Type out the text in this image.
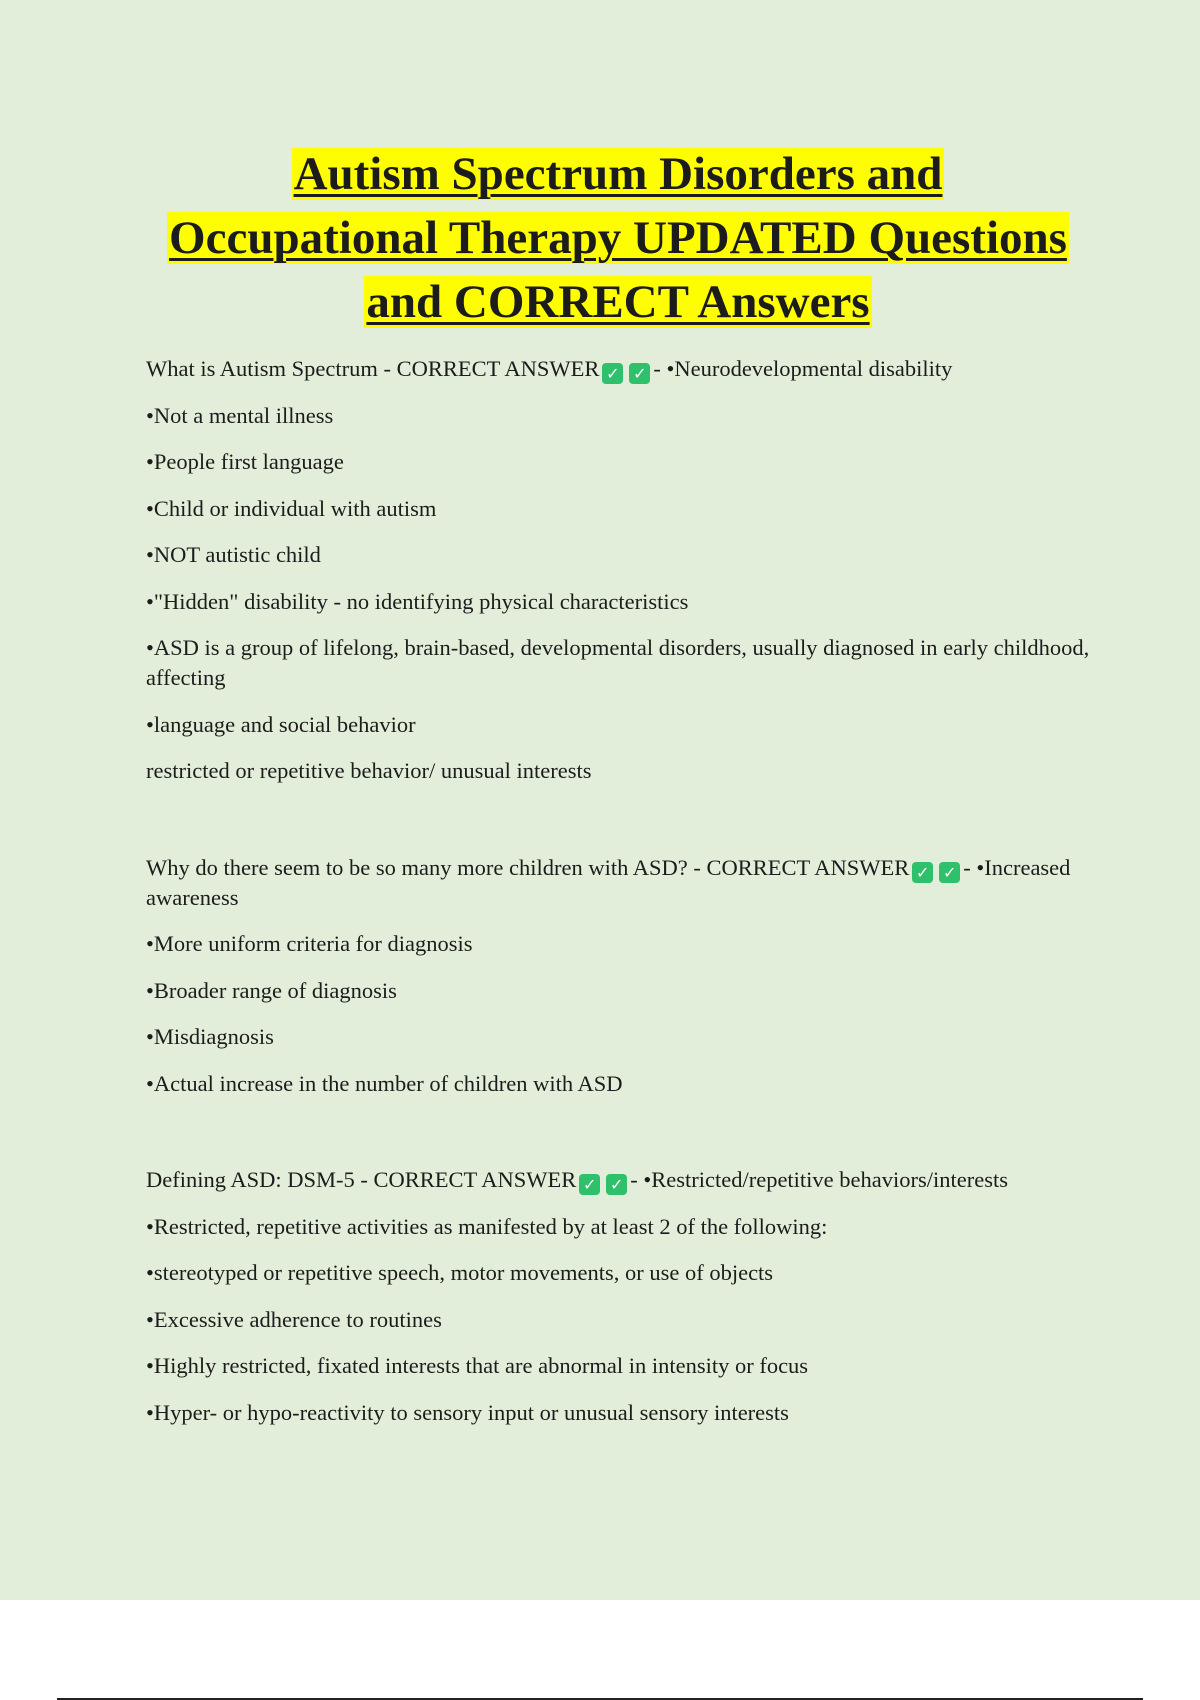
Autism Spectrum Disorders and
Occupational Therapy UPDATED Questions
and CORRECT Answers

What is Autism Spectrum - CORRECT ANSWER ✓ ✓ - •Neurodevelopmental disability

•Not a mental illness

•People first language

•Child or individual with autism

•NOT autistic child

•"Hidden" disability - no identifying physical characteristics

•ASD is a group of lifelong, brain-based, developmental disorders, usually diagnosed in early childhood, affecting

•language and social behavior

restricted or repetitive behavior/ unusual interests

Why do there seem to be so many more children with ASD? - CORRECT ANSWER ✓ ✓ - •Increased awareness

•More uniform criteria for diagnosis

•Broader range of diagnosis

•Misdiagnosis

•Actual increase in the number of children with ASD

Defining ASD: DSM-5 - CORRECT ANSWER ✓ ✓ - •Restricted/repetitive behaviors/interests

•Restricted, repetitive activities as manifested by at least 2 of the following:

•stereotyped or repetitive speech, motor movements, or use of objects

•Excessive adherence to routines

•Highly restricted, fixated interests that are abnormal in intensity or focus

•Hyper- or hypo-reactivity to sensory input or unusual sensory interests
